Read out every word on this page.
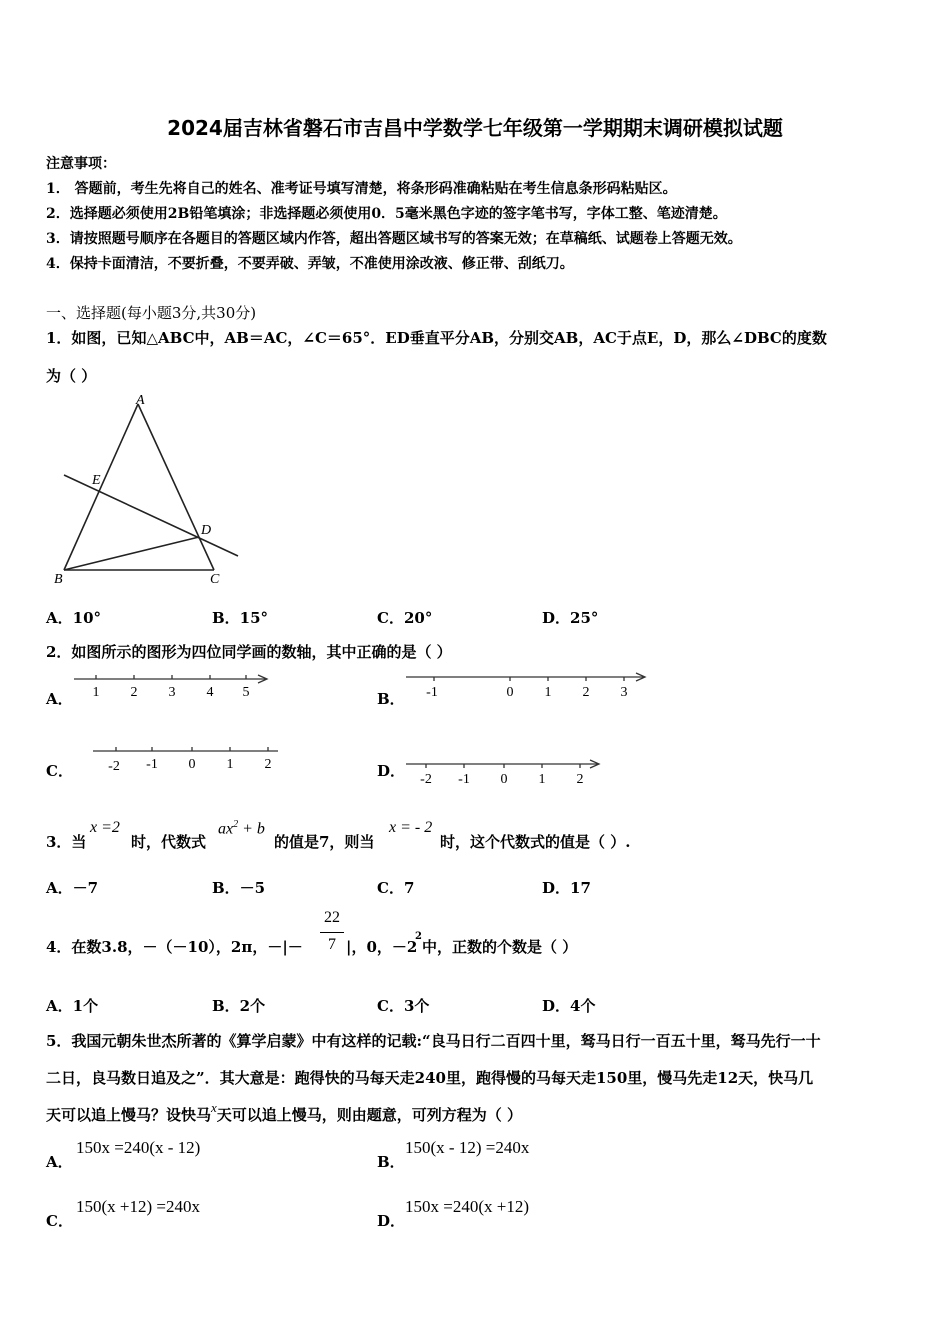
2024届吉林省磐石市吉昌中学数学七年级第一学期期末调研模拟试题
注意事项：
1． 答题前，考生先将自己的姓名、准考证号填写清楚，将条形码准确粘贴在考生信息条形码粘贴区。
2．选择题必须使用2B铅笔填涂；非选择题必须使用0．5毫米黑色字迹的签字笔书写，字体工整、笔迹清楚。
3．请按照题号顺序在各题目的答题区域内作答，超出答题区域书写的答案无效；在草稿纸、试题卷上答题无效。
4．保持卡面清洁，不要折叠，不要弄破、弄皱，不准使用涂改液、修正带、刮纸刀。
一、选择题(每小题3分,共30分)
1．如图，已知△ABC中，AB＝AC，∠C＝65°．ED垂直平分AB，分别交AB，AC于点E，D，那么∠DBC的度数
为（ ）
A
E
D
B	C
A．10°	B．15°	C．20°	D．25°
2．如图所示的图形为四位同学画的数轴，其中正确的是（ ）
A． 1 2 3 4 5	B． -1	0 1 2 3
C．	-2 -1 0 1 2	D． -2 -1 0 1 2
3．当
x =2
时，代数式
$ax^2 + b$
的值是7，则当
x = - 2
时，这个代数式的值是（ ）.
A．－7	B．－5	C．7	D．17
4．在数3.8，－（－10），2π，－|－
22
7 |，0，－2
2
中，正数的个数是（ ）
A．1个	B．2个	C．3个	D．4个
5．我国元朝朱世杰所著的《算学启蒙》中有这样的记载:“良马日行二百四十里，驽马日行一百五十里，驽马先行一十
二日，良马数日追及之”．其大意是：跑得快的马每天走240里，跑得慢的马每天走150里，慢马先走12天，快马几
天可以追上慢马？设快马x天可以追上慢马，则由题意，可列方程为（ ）
A．
150x =240(x - 12)
B．
150(x - 12) =240x
C．
150(x +12) =240x
D．
150x =240(x +12)
